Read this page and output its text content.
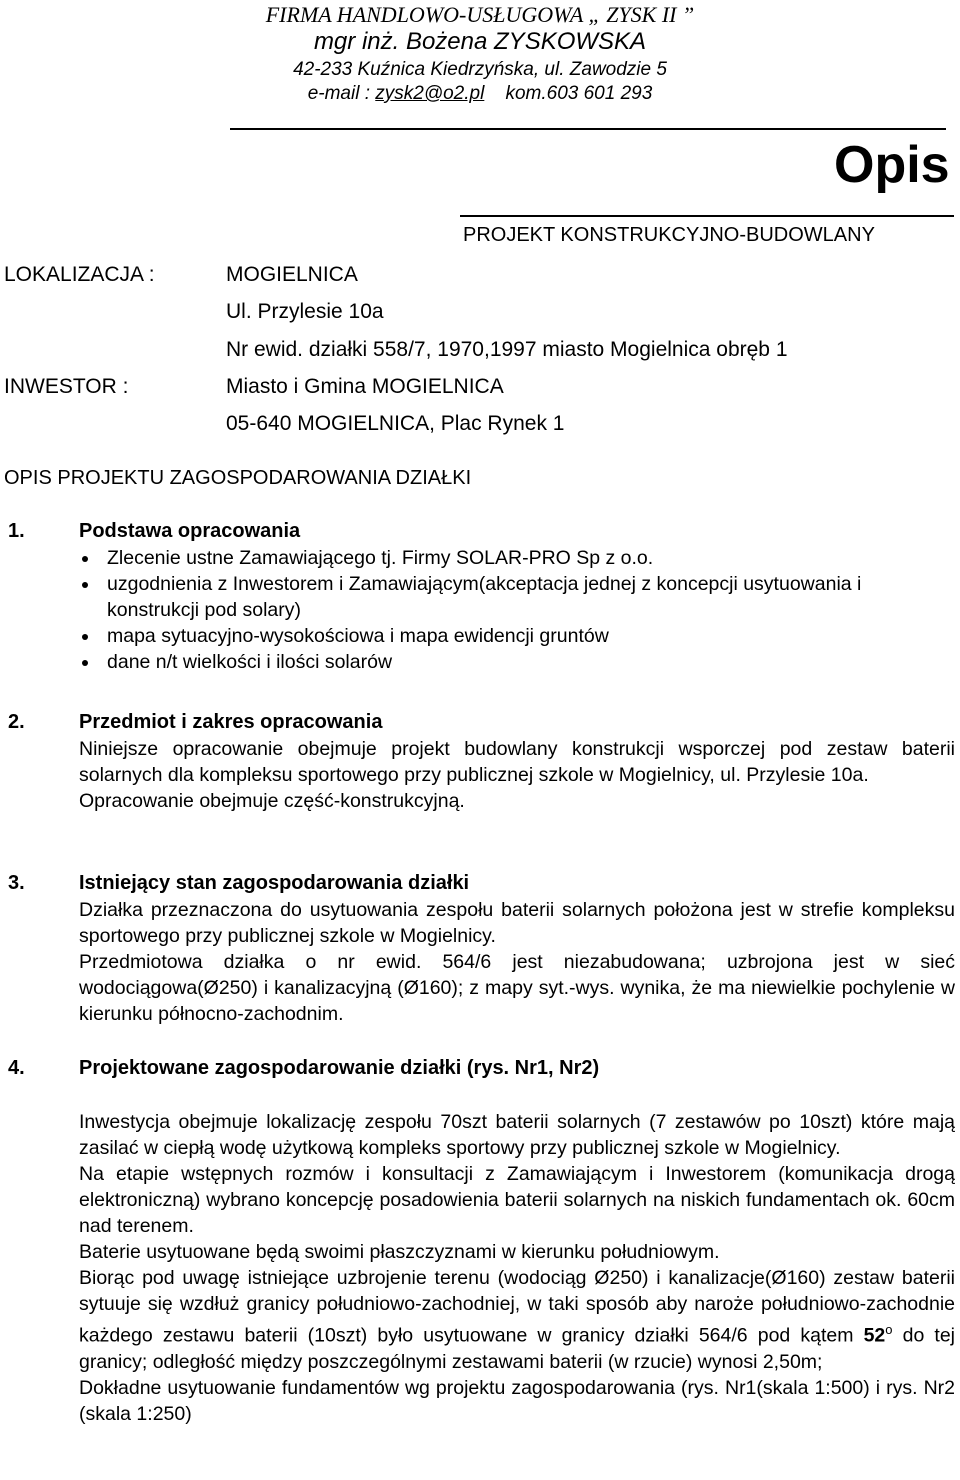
FIRMA HANDLOWO-USŁUGOWA „ ZYSK II ”
mgr inż. Bożena ZYSKOWSKA
42-233 Kuźnica Kiedrzyńska, ul. Zawodzie 5
e-mail : zysk2@o2.pl kom.603 601 293
Opis
PROJEKT KONSTRUKCYJNO-BUDOWLANY
LOKALIZACJA :	MOGIELNICA
Ul. Przylesie 10a
Nr ewid. działki 558/7, 1970,1997 miasto Mogielnica obręb 1
INWESTOR :	Miasto i Gmina MOGIELNICA
05-640 MOGIELNICA, Plac Rynek 1
OPIS PROJEKTU ZAGOSPODAROWANIA DZIAŁKI
1.	Podstawa opracowania
Zlecenie ustne Zamawiającego tj. Firmy SOLAR-PRO Sp z o.o.
uzgodnienia z Inwestorem i Zamawiającym(akceptacja jednej z koncepcji usytuowania i konstrukcji pod solary)
mapa sytuacyjno-wysokościowa i mapa ewidencji gruntów
dane n/t wielkości i ilości solarów
2.	Przedmiot i zakres opracowania

Niniejsze opracowanie obejmuje projekt budowlany konstrukcji wsporczej pod zestaw baterii solarnych dla kompleksu sportowego przy publicznej szkole w Mogielnicy, ul. Przylesie 10a.

Opracowanie obejmuje część-konstrukcyjną.

3.	Istniejący stan zagospodarowania działki

Działka przeznaczona do usytuowania zespołu baterii solarnych położona jest w strefie kompleksu sportowego przy publicznej szkole w Mogielnicy.

Przedmiotowa działka o nr ewid. 564/6 jest niezabudowana; uzbrojona jest w sieć wodociągowa(Ø250) i kanalizacyjną (Ø160); z mapy syt.-wys. wynika, że ma niewielkie pochylenie w kierunku północno-zachodnim.

4.	Projektowane zagospodarowanie działki (rys. Nr1, Nr2)

Inwestycja obejmuje lokalizację zespołu 70szt baterii solarnych (7 zestawów po 10szt) które mają zasilać w ciepłą wodę użytkową kompleks sportowy przy publicznej szkole w Mogielnicy.

Na etapie wstępnych rozmów i konsultacji z Zamawiającym i Inwestorem (komunikacja drogą elektroniczną) wybrano koncepcję posadowienia baterii solarnych na niskich fundamentach ok. 60cm nad terenem.

Baterie usytuowane będą swoimi płaszczyznami w kierunku południowym.

Biorąc pod uwagę istniejące uzbrojenie terenu (wodociąg Ø250) i kanalizacje(Ø160) zestaw baterii sytuuje się wzdłuż granicy południowo-zachodniej, w taki sposób aby naroże południowo-zachodnie każdego zestawu baterii (10szt) było usytuowane w granicy działki 564/6 pod kątem 52$^o$ do tej granicy; odległość między poszczególnymi zestawami baterii (w rzucie) wynosi 2,50m;

Dokładne usytuowanie fundamentów wg projektu zagospodarowania (rys. Nr1(skala 1:500) i rys. Nr2 (skala 1:250)
